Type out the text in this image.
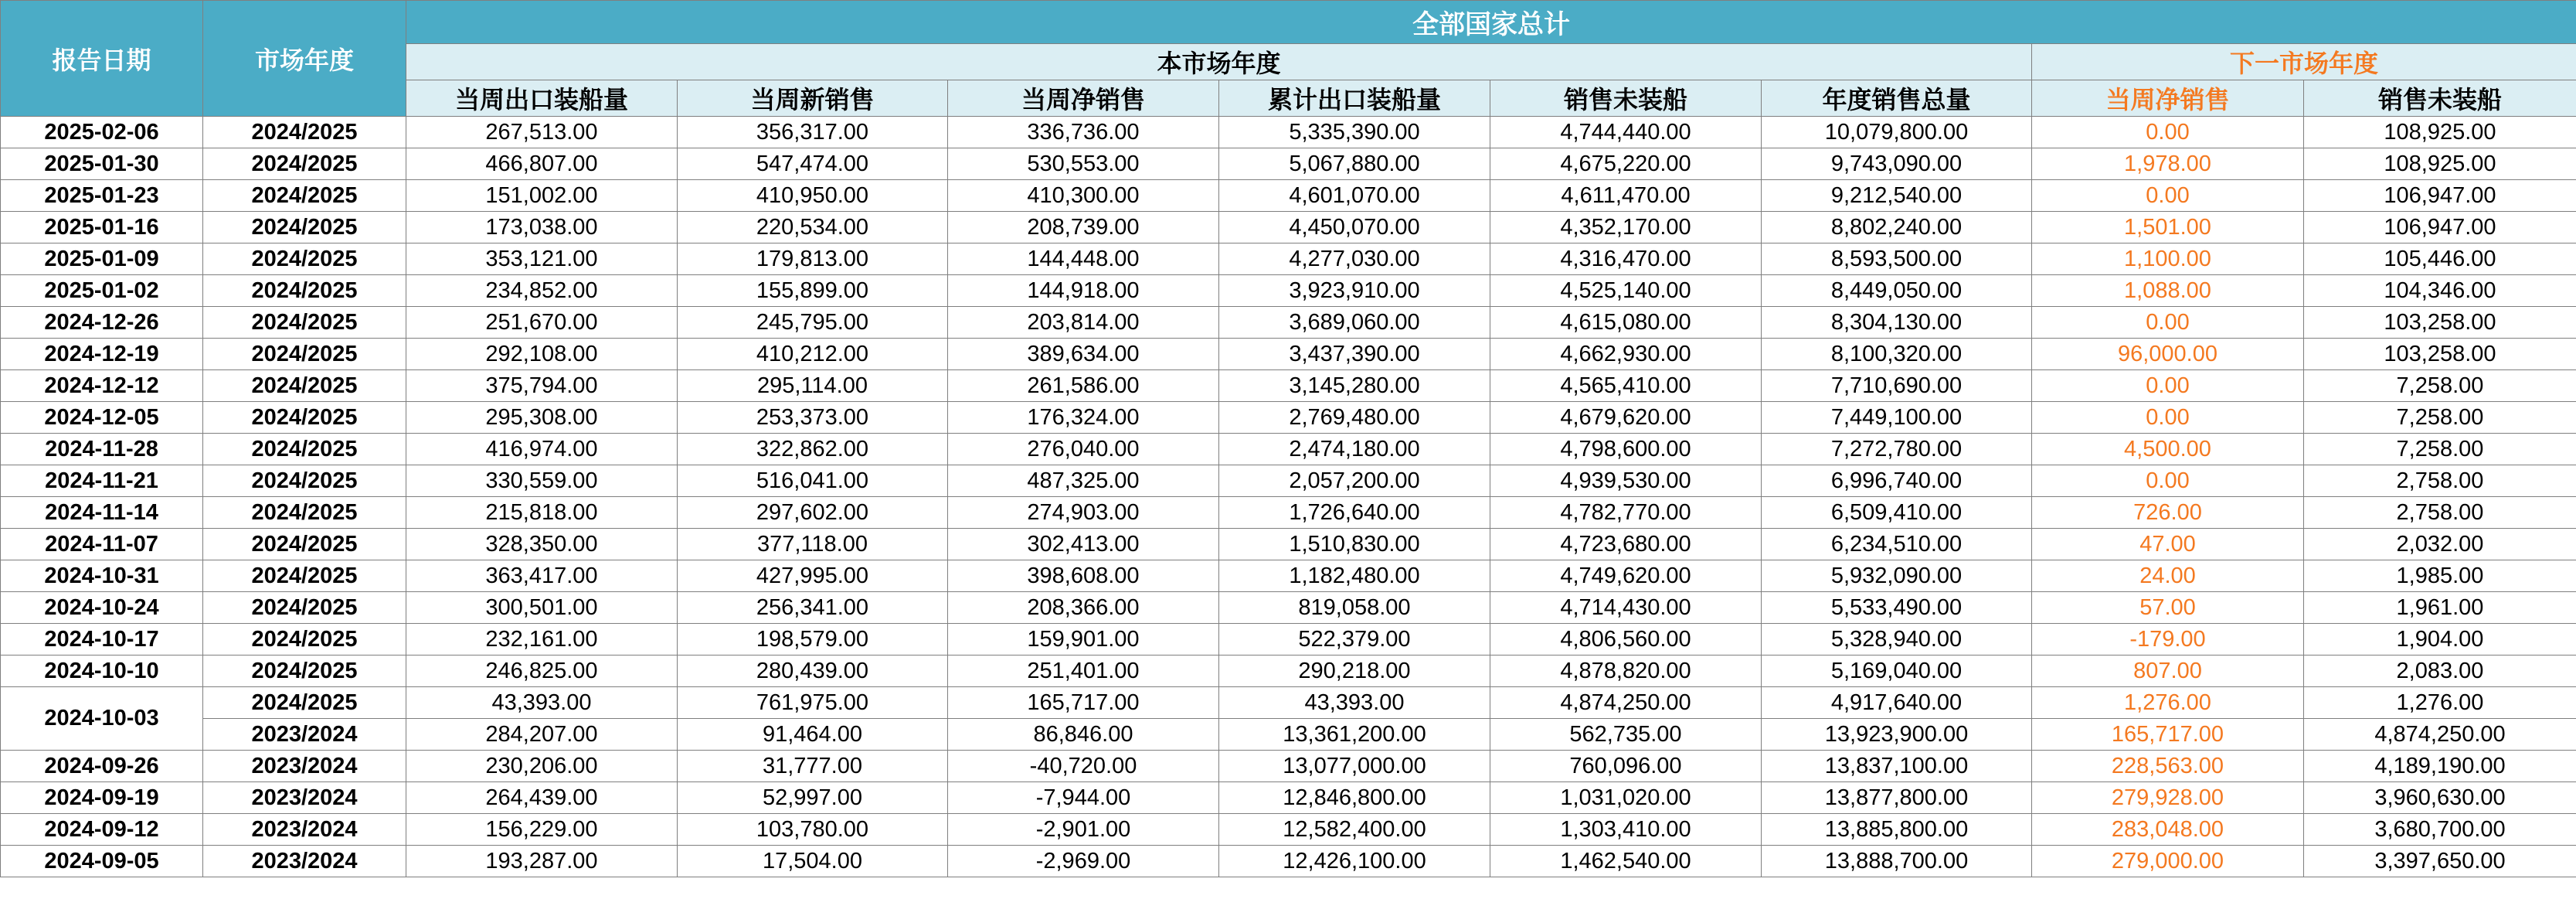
报告日期	市场年度	全部国家总计							
		本市场年度						下一市场年度	
		当周出口装船量	当周新销售	当周净销售	累计出口装船量	销售未装船	年度销售总量	当周净销售	销售未装船
2025-02-06	2024/2025	267,513.00	356,317.00	336,736.00	5,335,390.00	4,744,440.00	10,079,800.00	0.00	108,925.00
2025-01-30	2024/2025	466,807.00	547,474.00	530,553.00	5,067,880.00	4,675,220.00	9,743,090.00	1,978.00	108,925.00
2025-01-23	2024/2025	151,002.00	410,950.00	410,300.00	4,601,070.00	4,611,470.00	9,212,540.00	0.00	106,947.00
2025-01-16	2024/2025	173,038.00	220,534.00	208,739.00	4,450,070.00	4,352,170.00	8,802,240.00	1,501.00	106,947.00
2025-01-09	2024/2025	353,121.00	179,813.00	144,448.00	4,277,030.00	4,316,470.00	8,593,500.00	1,100.00	105,446.00
2025-01-02	2024/2025	234,852.00	155,899.00	144,918.00	3,923,910.00	4,525,140.00	8,449,050.00	1,088.00	104,346.00
2024-12-26	2024/2025	251,670.00	245,795.00	203,814.00	3,689,060.00	4,615,080.00	8,304,130.00	0.00	103,258.00
2024-12-19	2024/2025	292,108.00	410,212.00	389,634.00	3,437,390.00	4,662,930.00	8,100,320.00	96,000.00	103,258.00
2024-12-12	2024/2025	375,794.00	295,114.00	261,586.00	3,145,280.00	4,565,410.00	7,710,690.00	0.00	7,258.00
2024-12-05	2024/2025	295,308.00	253,373.00	176,324.00	2,769,480.00	4,679,620.00	7,449,100.00	0.00	7,258.00
2024-11-28	2024/2025	416,974.00	322,862.00	276,040.00	2,474,180.00	4,798,600.00	7,272,780.00	4,500.00	7,258.00
2024-11-21	2024/2025	330,559.00	516,041.00	487,325.00	2,057,200.00	4,939,530.00	6,996,740.00	0.00	2,758.00
2024-11-14	2024/2025	215,818.00	297,602.00	274,903.00	1,726,640.00	4,782,770.00	6,509,410.00	726.00	2,758.00
2024-11-07	2024/2025	328,350.00	377,118.00	302,413.00	1,510,830.00	4,723,680.00	6,234,510.00	47.00	2,032.00
2024-10-31	2024/2025	363,417.00	427,995.00	398,608.00	1,182,480.00	4,749,620.00	5,932,090.00	24.00	1,985.00
2024-10-24	2024/2025	300,501.00	256,341.00	208,366.00	819,058.00	4,714,430.00	5,533,490.00	57.00	1,961.00
2024-10-17	2024/2025	232,161.00	198,579.00	159,901.00	522,379.00	4,806,560.00	5,328,940.00	-179.00	1,904.00
2024-10-10	2024/2025	246,825.00	280,439.00	251,401.00	290,218.00	4,878,820.00	5,169,040.00	807.00	2,083.00
2024-10-03	2024/2025	43,393.00	761,975.00	165,717.00	43,393.00	4,874,250.00	4,917,640.00	1,276.00	1,276.00
	2023/2024	284,207.00	91,464.00	86,846.00	13,361,200.00	562,735.00	13,923,900.00	165,717.00	4,874,250.00
2024-09-26	2023/2024	230,206.00	31,777.00	-40,720.00	13,077,000.00	760,096.00	13,837,100.00	228,563.00	4,189,190.00
2024-09-19	2023/2024	264,439.00	52,997.00	-7,944.00	12,846,800.00	1,031,020.00	13,877,800.00	279,928.00	3,960,630.00
2024-09-12	2023/2024	156,229.00	103,780.00	-2,901.00	12,582,400.00	1,303,410.00	13,885,800.00	283,048.00	3,680,700.00
2024-09-05	2023/2024	193,287.00	17,504.00	-2,969.00	12,426,100.00	1,462,540.00	13,888,700.00	279,000.00	3,397,650.00
